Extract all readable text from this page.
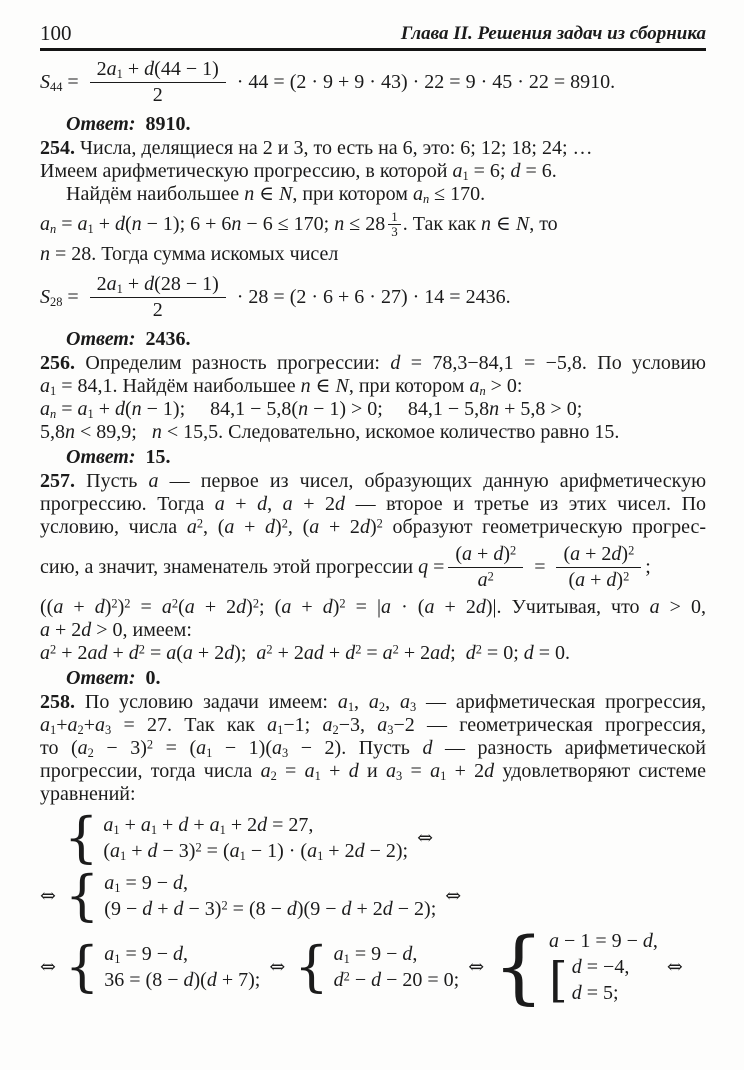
100	Глава II. Решения задач из сборника
$S_{44} = \frac{2a_1 + d(44 - 1)}{2} \cdot 44 = (2 \cdot 9 + 9 \cdot 43) \cdot 22 = 9 \cdot 45 \cdot 22 = 8910$.
Ответ: 8910.
254. Числа, делящиеся на 2 и 3, то есть на 6, это: 6; 12; 18; 24; …
Имеем арифметическую прогрессию, в которой $a_1 = 6$; d = 6.
Найдём наибольшее n ∈ N, при котором $a_n \le 170$.
$a_n = a_1 + d(n - 1)$; 6 + 6n − 6 ≤ 170; $n \le 28 \frac{1}{3}$ . Так как n ∈ N, то
n = 28. Тогда сумма искомых чисел
$S_{28} = \frac{2a_1 + d(28 - 1)}{2} \cdot 28 = (2 \cdot 6 + 6 \cdot 27) \cdot 14 = 2436$.
Ответ: 2436.
256. Определим разность прогрессии: d = 78,3−84,1 = −5,8. По условию
$a_1 = 84,1$. Найдём наибольшее n ∈ N, при котором $a_n > 0$:
$a_n = a_1 + d(n - 1)$;  84,1 − 5,8(n − 1) > 0;  84,1 − 5,8n + 5,8 > 0;
5,8n < 89,9;  n < 15,5. Следовательно, искомое количество равно 15.
Ответ: 15.
257. Пусть a — первое из чисел, образующих данную арифметическую
прогрессию. Тогда a + d, a + 2d — второе и третье из этих чисел. По
условию, числа $a^2$, $(a + d)^2$, $(a + 2d)^2$ образуют геометрическую прогрес-
сию, а значит, знаменатель этой прогрессии $q = \frac{(a + d)^2}{a^2} = \frac{(a + 2d)^2}{(a + d)^2}$ ;
$((a + d)^2)^2 = a^2(a + 2d)^2$; $(a + d)^2 = |a \cdot (a + 2d)|$. Учитывая, что a > 0,
a + 2d > 0, имеем:
$a^2 + 2ad + d^2 = a(a + 2d)$; $a^2 + 2ad + d^2 = a^2 + 2ad$; $d^2 = 0$; d = 0.
Ответ: 0.
258. По условию задачи имеем: $a_1$, $a_2$, $a_3$ — арифметическая прогрессия,
$a_1+a_2+a_3 = 27$. Так как $a_1-1$; $a_2-3$, $a_3-2$ — геометрическая прогрессия,
то $(a_2 - 3)^2 = (a_1 - 1)(a_3 - 2)$. Пусть d — разность арифметической
прогрессии, тогда числа $a_2 = a_1 + d$ и $a_3 = a_1 + 2d$ удовлетворяют системе
уравнений:
{ $a_1 + a_1 + d + a_1 + 2d = 27$,
$(a_1 + d - 3)^2 = (a_1 - 1) \cdot (a_1 + 2d - 2)$;
⇔
⇔ { $a_1 = 9 - d$,
$(9 - d + d - 3)^2 = (8 - d)(9 - d + 2d - 2)$;
⇔
⇔ { $a_1 = 9 - d$,
36 = (8 − d)(d + 7);
⇔ { $a_1 = 9 - d$,
$d^2 - d - 20 = 0$;
⇔ { a − 1 = 9 − d,
[ d = −4,
d = 5;
⇔
